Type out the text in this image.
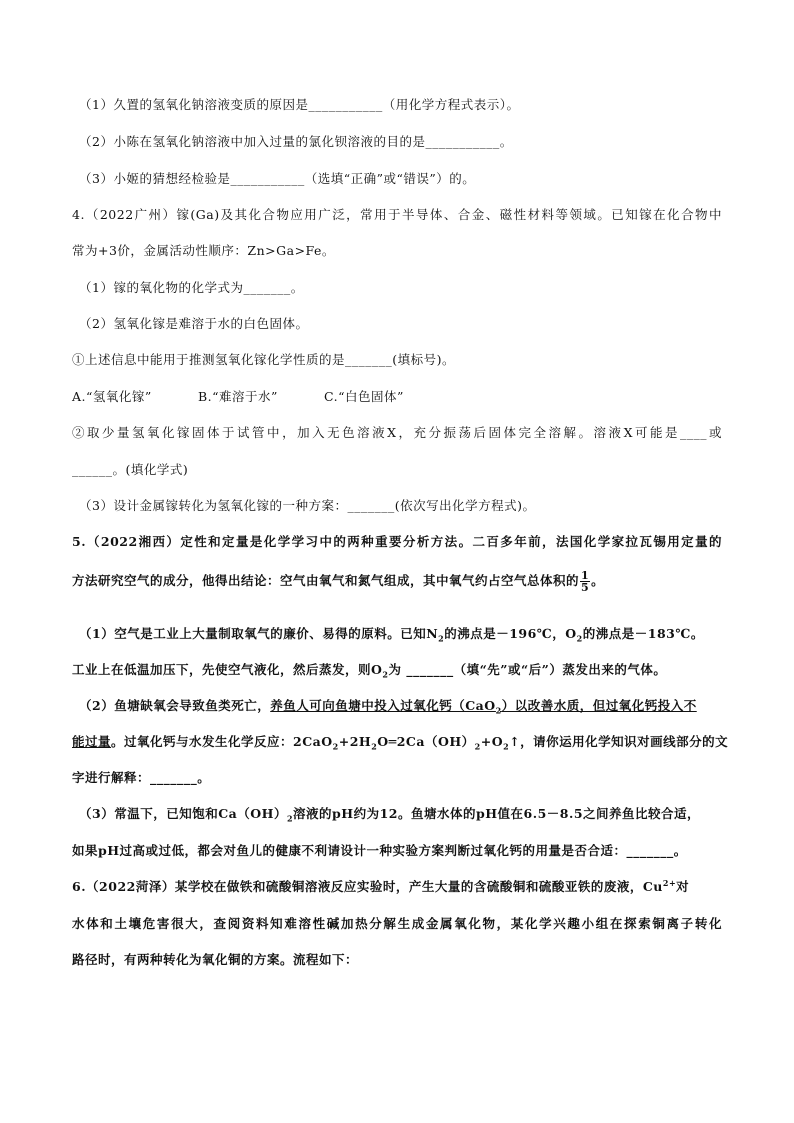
（1）久置的氢氧化钠溶液变质的原因是___________（用化学方程式表示）。
（2）小陈在氢氧化钠溶液中加入过量的氯化钡溶液的目的是___________。
（3）小姬的猜想经检验是___________（选填“正确”或“错误”）的。
4.（2022广州）镓(Ga)及其化合物应用广泛，常用于半导体、合金、磁性材料等领域。已知镓在化合物中
常为+3价，金属活动性顺序：Zn>Ga>Fe。
（1）镓的氧化物的化学式为_______。
（2）氢氧化镓是难溶于水的白色固体。
①上述信息中能用于推测氢氧化镓化学性质的是_______(填标号)。
A.“氢氧化镓”	B.“难溶于水”	C.“白色固体”
②取少量氢氧化镓固体于试管中，加入无色溶液X，充分振荡后固体完全溶解。溶液X可能是____或
______。(填化学式)
（3）设计金属镓转化为氢氧化镓的一种方案：_______(依次写出化学方程式)。
5.（2022湘西）定性和定量是化学学习中的两种重要分析方法。二百多年前，法国化学家拉瓦锡用定量的
方法研究空气的成分，他得出结论：空气由氧气和氮气组成，其中氧气约占空气总体积的 $\frac{1}{5}$ 。
（1）空气是工业上大量制取氧气的廉价、易得的原料。已知$N_2$的沸点是－196℃，$O_2$的沸点是－183℃。
工业上在低温加压下，先使空气液化，然后蒸发，则$O_2$为 _______（填“先”或“后”）蒸发出来的气体。
（2）鱼塘缺氧会导致鱼类死亡，养鱼人可向鱼塘中投入过氧化钙（CaO$_2$）以改善水质，但过氧化钙投入不
能过量。过氧化钙与水发生化学反应：$2CaO_2+2H_2O═2Ca(OH)_2+O_2↑$，请你运用化学知识对画线部分的文
字进行解释：_______。
（3）常温下，已知饱和$Ca(OH)_2$溶液的pH约为12。鱼塘水体的pH值在6.5－8.5之间养鱼比较合适，
如果pH过高或过低，都会对鱼儿的健康不利请设计一种实验方案判断过氧化钙的用量是否合适：_______。
6.（2022菏泽）某学校在做铁和硫酸铜溶液反应实验时，产生大量的含硫酸铜和硫酸亚铁的废液，$Cu^{2+}$对
水体和土壤危害很大，查阅资料知难溶性碱加热分解生成金属氧化物，某化学兴趣小组在探索铜离子转化
路径时，有两种转化为氧化铜的方案。流程如下：
